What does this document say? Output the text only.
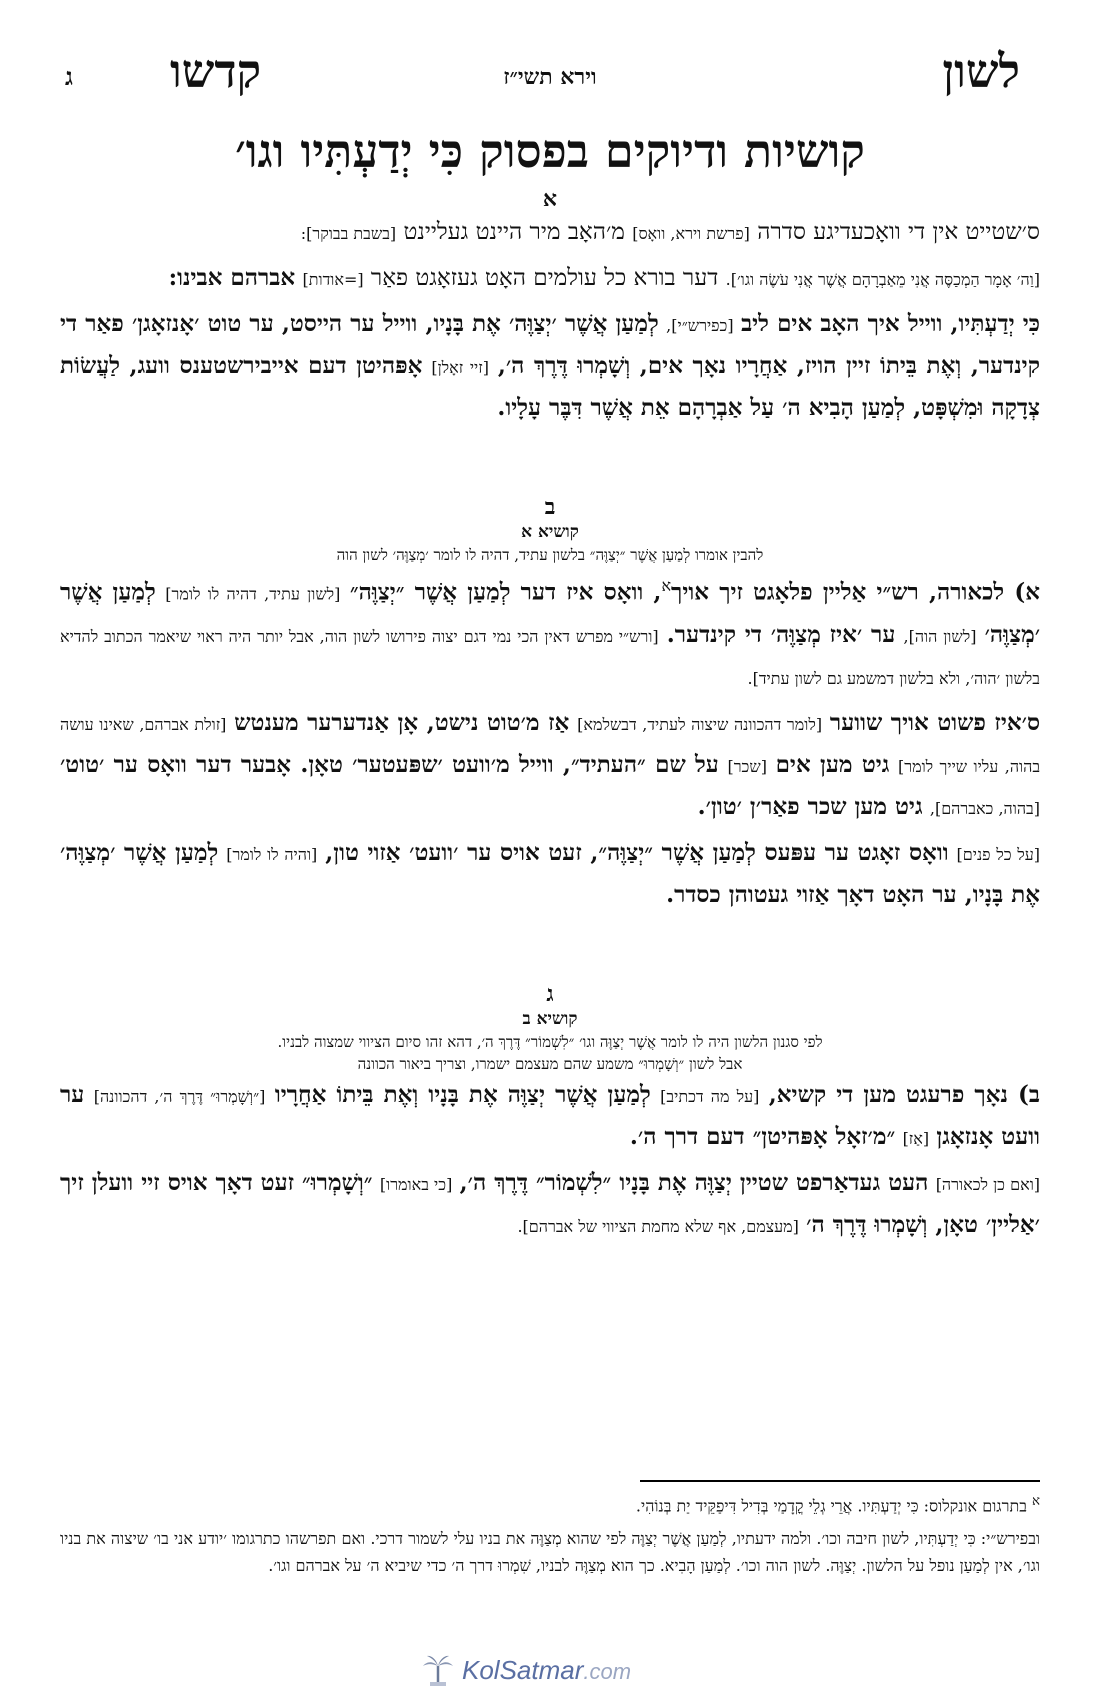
לשון
וירא תשי״ז
קדשו
ג
קושיות ודיוקים בפסוק כִּי יְדַעְתִּיו וגו׳
א

ס׳שטייט אין די וואָכעדיגע סדרה [פרשת וירא, וואָס] מ׳האָב מיר היינט געליינט [בשבת בבוקר]:

[וַה׳ אָמָר הַמְכַסֶּה אֲנִי מֵאַבְרָהָם אֲשֶׁר אֲנִי עֹשֶׂה וגו׳]. דער בורא כל עולמים האָט געזאָגט פאַר [=אודות] אברהם אבינו:

כִּי יְדַעְתִּיו, ווייל איך האָב אים ליב [כפירש״י], לְמַעַן אֲשֶׁר ׳יְצַוֶּה׳ אֶת בָּנָיו, ווייל ער הייסט, ער טוט ׳אָנזאָגן׳ פאַר די קינדער, וְאֶת בֵּיתוֹ זיין הויז, אַחֲרָיו נאָך אים, וְשָׁמְרוּ דֶּרֶךְ ה׳, [זיי זאָלן] אָפּהיטן דעם אייבירשטענס וועג, לַעֲשׂוֹת צְדָקָה וּמִשְׁפָּט, לְמַעַן הָבִיא ה׳ עַל אַבְרָהָם אֵת אֲשֶׁר דִּבֶּר עָלָיו.

ב
קושיא א
להבין אומרו לְמַעַן אֲשֶׁר ״יְצַוֶּה״ בלשון עתיד, דהיה לו לומר ׳מְצַוֶּה׳ לשון הוה

א) לכאורה, רש״י אַליין פלאָגט זיך אויך$^א$, וואָס איז דער לְמַעַן אֲשֶׁר ״יְצַוֶּה״ [לשון עתיד, דהיה לו לומר] לְמַעַן אֲשֶׁר ׳מְצַוֶּה׳ [לשון הוה], ער ׳איז מְצַוֶּה׳ די קינדער. [ורש״י מפרש דאין הכי נמי דגם יצוה פירושו לשון הוה, אבל יותר היה ראוי שיאמר הכתוב להדיא בלשון ׳הוה׳, ולא בלשון דמשמע גם לשון עתיד].

ס׳איז פשוט אויך שווער [לומר דהכוונה שיצוה לעתיד, דבשלמא] אַז מ׳טוט נישט, אָן אַנדערער מענטש [זולת אברהם, שאינו עושה בהוה, עליו שייך לומר] גיט מען אים [שכר] על שם ״העתיד״, ווייל מ׳וועט ׳שפּעטער׳ טאָן. אָבער דער וואָס ער ׳טוט׳ [בהוה, כאברהם], גיט מען שכר פאַר׳ן ׳טון׳.

[על כל פנים] וואָס זאָגט ער עפּעס לְמַעַן אֲשֶׁר ״יְצַוֶּה״, זעט אויס ער ׳וועט׳ אַזוי טון, [והיה לו לומר] לְמַעַן אֲשֶׁר ׳מְצַוֶּה׳ אֶת בָּנָיו, ער האָט דאָך אַזוי געטוהן כסדר.

ג
קושיא ב
לפי סגנון הלשון היה לו לומר אֲשֶׁר יְצַוֶּה וגו׳ ״לִשְׁמוֹר״ דֶּרֶךְ ה׳, דהא זהו סיום הציווי שמצוה לבניו.
אבל לשון ״וְשָׁמְרוּ״ משמע שהם מעצמם ישמרו, וצריך ביאור הכוונה

ב) נאָך פרעגט מען די קשיא, [על מה דכתיב] לְמַעַן אֲשֶׁר יְצַוֶּה אֶת בָּנָיו וְאֶת בֵּיתוֹ אַחֲרָיו [״וְשָׁמְרוּ״ דֶּרֶךְ ה׳, דהכוונה] ער וועט אָנזאָגן [אַז] ״מ׳זאָל אָפּהיטן״ דעם דרך ה׳.

[ואם כן לכאורה] העט געדאַרפט שטיין יְצַוֶּה אֶת בָּנָיו ״לִשְׁמוֹר״ דֶּרֶךְ ה׳, [כי באומרו] ״וְשָׁמְרוּ״ זעט דאָך אויס זיי וועלן זיך ׳אַליין׳ טאָן, וְשָׁמְרוּ דֶּרֶךְ ה׳ [מעצמם, אף שלא מחמת הציווי של אברהם].

$^א$ בתרגום אונקלוס: כִּי יְדַעְתִּיו. אֲרֵי גְלֵי קֳדָמַי בְּדִיל דִּיפַקֵּיד יַת בְּנוֹהִי.
ובפירש״י: כִּי יְדַעְתִּיו, לשון חיבה וכו׳. ולמה ידעתיו, לְמַעַן אֲשֶׁר יְצַוֶּה לפי שהוא מְצַוֶּה את בניו עלי לשמור דרכי. ואם תפרשהו כתרגומו ׳יודע אני בו׳ שיצוה את בניו וגו׳, אין לְמַעַן נופל על הלשון. יְצַוֶּה. לשון הוה וכו׳. לְמַעַן הָבִיא. כך הוא מְצַוֶּה לבניו, שִׁמְרוּ דרך ה׳ כדי שיביא ה׳ על אברהם וגו׳.
KolSatmar.com
